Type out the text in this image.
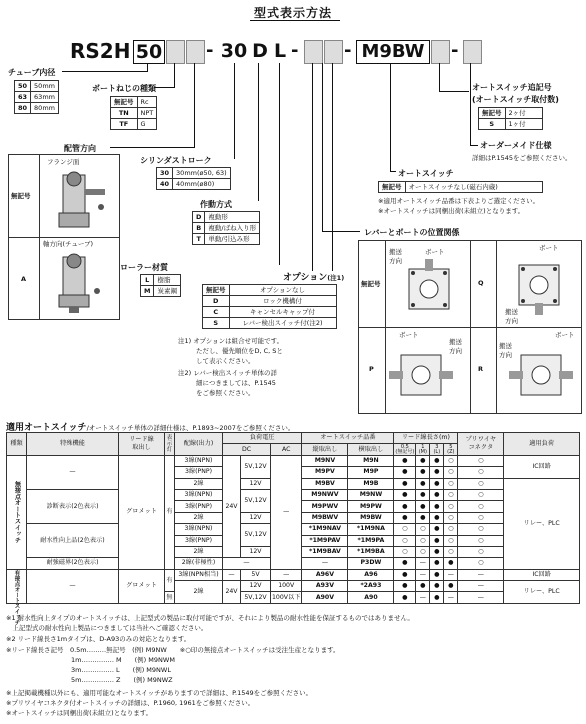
型式表示方法
RS2H 50 - 30 D L -	- M9BW	-
チューブ内径
50	50mm
63	63mm
80	80mm
ボートねじの種類
無記号	Rc
TN	NPT
TF	G
配管方向
無記号
フランジ面
A
軸方向(チューブ)
シリンダストローク
30	30mm(ø50, 63)
40	40mm(ø80)
作動方式
D	複動形
B	複動/ばね入り形
T	単動/引込み形
ローラー材質
L	樹脂
M	炭素鋼
オプション(注1)
無記号	オプションなし
D	ロック機構付
C	キャンセルキャップ付
S	レバー検出スイッチ付(注2)
注1) オプションは組合せ可能です。
ただし、優先順位をD, C, Sと
して表示ください。
注2) レバー検出スイッチ単体の詳
細につきましては、P.1545
をご参照ください。
オートスイッチ追記号
(オートスイッチ取付数)
無記号	2ヶ付
S	1ヶ付
オーダーメイド仕様
詳細はP.1545をご参照ください。
オートスイッチ
無記号	オートスイッチなし(磁石内蔵)
※適用オートスイッチ品番は下表よりご選定ください。
※オートスイッチは同梱出荷(未組立)となります。
レバーとボートの位置関係
無記号	Q
P	R
搬送
方向
ボート	ボート
搬送
方向
ボート
搬送
方向
ボート
搬送
方向
適用オートスイッチ/オートスイッチ単体の詳細仕様は、P.1893~2007をご参照ください。
種類	特殊機能	リード線
取出し	表示灯	配線(出力)	負荷電圧			オートスイッチ品番		リード線長さ(m)				プリワイヤ
コネクタ	適用負荷
					DC		AC	縦取出し	横取出し	0.5
(無記号)	1
(M)	3
(L)	5
(Z)		
無接点オートスイッチ	—	グロメット	有	3線(NPN)	24V	5V,12V	—	M9NV	M9N	●	●	●	○	○	IC回路
				3線(PNP)				M9PV	M9P	●	●	●	○	○	
				2線		12V		M9BV	M9B	●	●	●	○	○	リレー、PLC
	診断表示(2色表示)			3線(NPN)		5V,12V		M9NWV	M9NW	●	●	●	○	○	
				3線(PNP)				M9PWV	M9PW	●	●	●	○	○	
				2線		12V		M9BWV	M9BW	●	●	●	○	○	
	耐水性向上品(2色表示)			3線(NPN)		5V,12V		*1M9NAV	*1M9NA	○	○	●	○	○	
				3線(PNP)				*1M9PAV	*1M9PA	○	○	●	○	○	
				2線		12V		*1M9BAV	*1M9BA	○	○	●	○	○	
	耐強磁界(2色表示)			2線(非極性)	—			—	P3DW	●	—	●	●	○	
有接点オートスイッチ	—	グロメット	有	3線(NPN相当)	—	5V	—	A96V	A96	●	—	●	—	—	IC回路
				2線	24V	12V	100V	A93V	*2A93	●	●	●	●	—	リレー、PLC
			無			5V,12V	100V以下	A90V	A90	●	—	●	—	—	
※1 耐水性向上タイプのオートスイッチは、上記型式の製品に取付可能ですが、それにより製品の耐水性能を保証するものではありません。
　上記型式の耐水性向上製品につきましては当社へご確認ください。
※2 リード線長さ1mタイプは、D-A93のみの対応となります。
※リード線長さ記号　0.5m………無記号　(例) M9NW　　※○印の無接点オートスイッチは受注生産となります。
　　　　　　　　　　1m…………… M　　(例) M9NWM
　　　　　　　　　　3m…………… L　　(例) M9NWL
　　　　　　　　　　5m…………… Z　　(例) M9NWZ
※上記掲載機種以外にも、適用可能なオートスイッチがありますので詳細は、P.1549をご参照ください。
※プリワイヤコネクタ付オートスイッチの詳細は、P.1960, 1961をご参照ください。
※オートスイッチは同梱出荷(未組立)となります。
